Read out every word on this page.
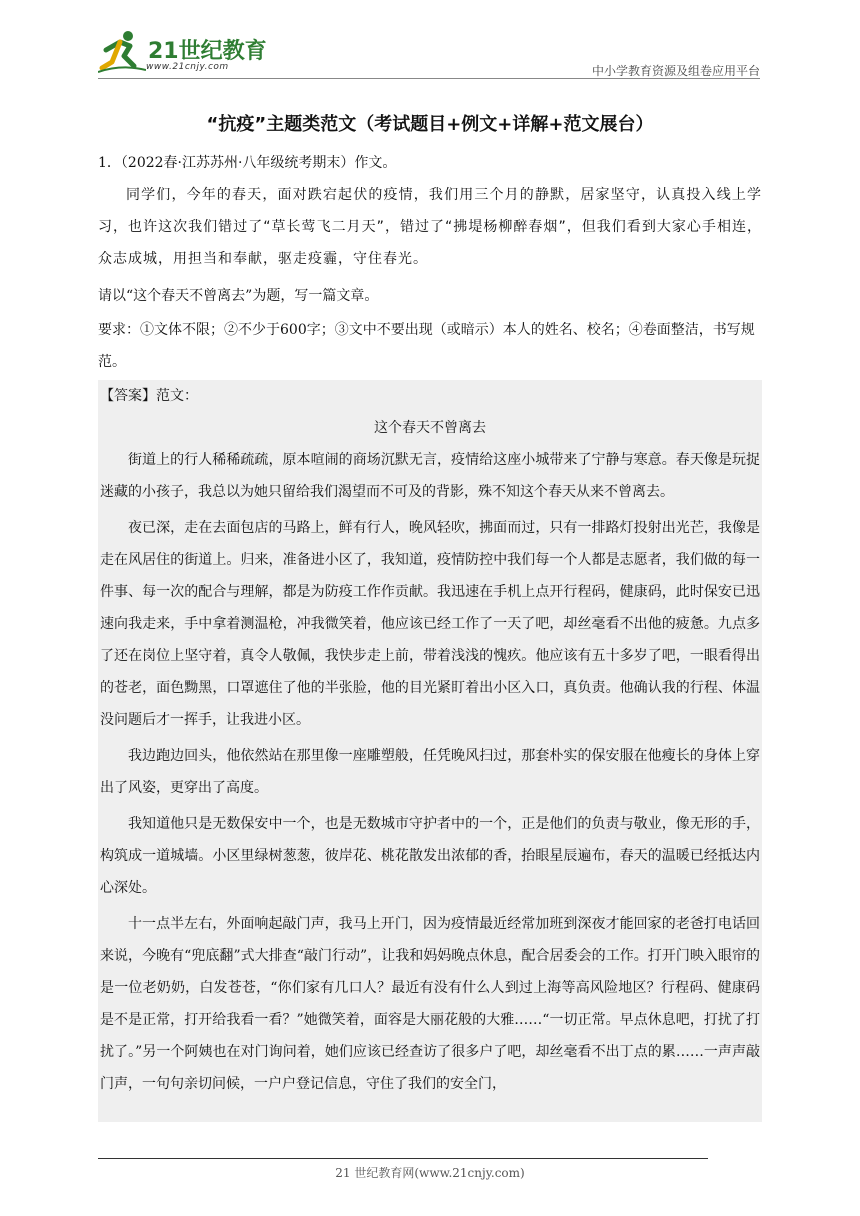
21世纪教育
www.21cnjy.com	中小学教育资源及组卷应用平台
“抗疫”主题类范文（考试题目+例文+详解+范文展台）
1．（2022春·江苏苏州·八年级统考期末）作文。
同学们，今年的春天，面对跌宕起伏的疫情，我们用三个月的静默，居家坚守，认真投入线上学习，也许这次我们错过了“草长莺飞二月天”，错过了“拂堤杨柳醉春烟”，但我们看到大家心手相连，众志成城，用担当和奉献，驱走疫霾，守住春光。
请以“这个春天不曾离去”为题，写一篇文章。
要求：①文体不限；②不少于600字；③文中不要出现（或暗示）本人的姓名、校名；④卷面整洁，书写规范。
【答案】范文：
这个春天不曾离去

街道上的行人稀稀疏疏，原本喧闹的商场沉默无言，疫情给这座小城带来了宁静与寒意。春天像是玩捉迷藏的小孩子，我总以为她只留给我们渴望而不可及的背影，殊不知这个春天从来不曾离去。

夜已深，走在去面包店的马路上，鲜有行人，晚风轻吹，拂面而过，只有一排路灯投射出光芒，我像是走在风居住的街道上。归来，准备进小区了，我知道，疫情防控中我们每一个人都是志愿者，我们做的每一件事、每一次的配合与理解，都是为防疫工作作贡献。我迅速在手机上点开行程码，健康码，此时保安已迅速向我走来，手中拿着测温枪，冲我微笑着，他应该已经工作了一天了吧，却丝毫看不出他的疲惫。九点多了还在岗位上坚守着，真令人敬佩，我快步走上前，带着浅浅的愧疚。他应该有五十多岁了吧，一眼看得出的苍老，面色黝黑，口罩遮住了他的半张脸，他的目光紧盯着出小区入口，真负责。他确认我的行程、体温没问题后才一挥手，让我进小区。

我边跑边回头，他依然站在那里像一座雕塑般，任凭晚风扫过，那套朴实的保安服在他瘦长的身体上穿出了风姿，更穿出了高度。

我知道他只是无数保安中一个，也是无数城市守护者中的一个，正是他们的负责与敬业，像无形的手，构筑成一道城墙。小区里绿树葱葱，彼岸花、桃花散发出浓郁的香，抬眼星辰遍布，春天的温暖已经抵达内心深处。

十一点半左右，外面响起敲门声，我马上开门，因为疫情最近经常加班到深夜才能回家的老爸打电话回来说，今晚有“兜底翻”式大排查“敲门行动”，让我和妈妈晚点休息，配合居委会的工作。打开门映入眼帘的是一位老奶奶，白发苍苍，“你们家有几口人？最近有没有什么人到过上海等高风险地区？行程码、健康码是不是正常，打开给我看一看？”她微笑着，面容是大丽花般的大雅……“一切正常。早点休息吧，打扰了打扰了。”另一个阿姨也在对门询问着，她们应该已经查访了很多户了吧，却丝毫看不出丁点的累……一声声敲门声，一句句亲切问候，一户户登记信息，守住了我们的安全门，

21 世纪教育网(www.21cnjy.com)
